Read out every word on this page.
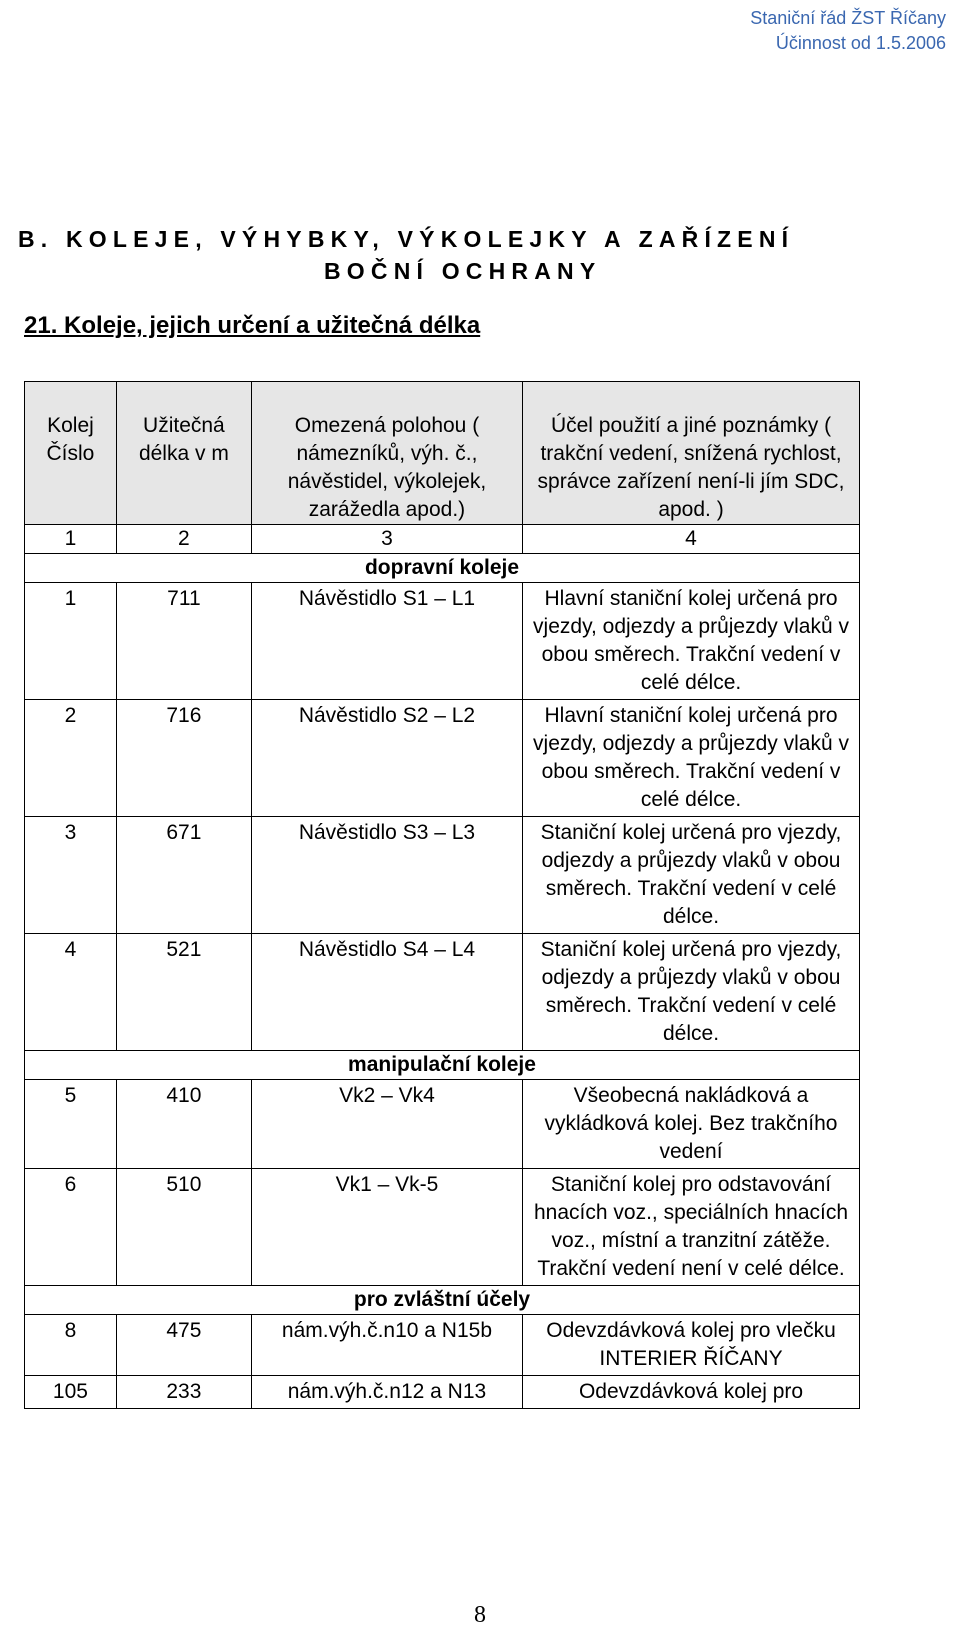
Staniční řád ŽST Říčany
Účinnost od 1.5.2006
B. KOLEJE, VÝHYBKY, VÝKOLEJKY A ZAŘÍZENÍ
BOČNÍ OCHRANY
21. Koleje, jejich určení a užitečná délka
Kolej Číslo	Užitečná délka v m	Omezená polohou ( námezníků, výh. č., návěstidel, výkolejek, zarážedla apod.)	Účel použití a jiné poznámky ( trakční vedení, snížená rychlost, správce zařízení není-li jím SDC, apod. )
1	2	3	4
dopravní koleje			
1	711	Návěstidlo S1 – L1	Hlavní staniční kolej určená pro vjezdy, odjezdy a průjezdy vlaků v obou směrech. Trakční vedení v celé délce.
2	716	Návěstidlo S2 – L2	Hlavní staniční kolej určená pro vjezdy, odjezdy a průjezdy vlaků v obou směrech. Trakční vedení v celé délce.
3	671	Návěstidlo S3 – L3	Staniční kolej určená pro vjezdy, odjezdy a průjezdy vlaků v obou směrech. Trakční vedení v celé délce.
4	521	Návěstidlo S4 – L4	Staniční kolej určená pro vjezdy, odjezdy a průjezdy vlaků v obou směrech. Trakční vedení v celé délce.
manipulační koleje			
5	410	Vk2 – Vk4	Všeobecná nakládková a vykládková kolej. Bez trakčního vedení
6	510	Vk1 – Vk-5	Staniční kolej pro odstavování hnacích voz., speciálních hnacích voz., místní a tranzitní zátěže. Trakční vedení není v celé délce.
pro zvláštní účely			
8	475	nám.výh.č.n10 a N15b	Odevzdávková kolej pro vlečku INTERIER ŘÍČANY
105	233	nám.výh.č.n12 a N13	Odevzdávková kolej pro
8
